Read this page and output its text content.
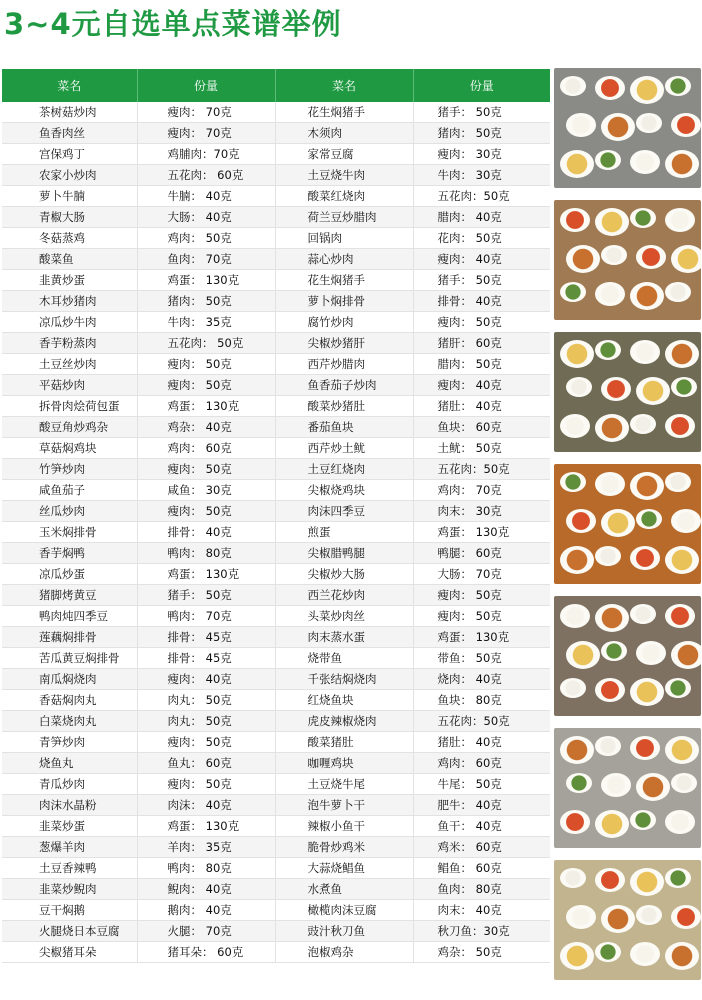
3~4元自选单点菜谱举例
菜名	份量	菜名	份量
茶树菇炒肉	瘦肉： 70克	花生焖猪手	猪手： 50克
鱼香肉丝	瘦肉： 70克	木须肉	猪肉： 50克
宫保鸡丁	鸡脯肉：70克	家常豆腐	瘦肉： 30克
农家小炒肉	五花肉： 60克	土豆烧牛肉	牛肉： 30克
萝卜牛腩	牛腩： 40克	酸菜红烧肉	五花肉：50克
青椒大肠	大肠： 40克	荷兰豆炒腊肉	腊肉： 40克
冬菇蒸鸡	鸡肉： 50克	回锅肉	花肉： 50克
酸菜鱼	鱼肉： 70克	蒜心炒肉	瘦肉： 40克
韭黄炒蛋	鸡蛋： 130克	花生焖猪手	猪手： 50克
木耳炒猪肉	猪肉： 50克	萝卜焖排骨	排骨： 40克
凉瓜炒牛肉	牛肉： 35克	腐竹炒肉	瘦肉： 50克
香芋粉蒸肉	五花肉： 50克	尖椒炒猪肝	猪肝： 60克
土豆丝炒肉	瘦肉： 50克	西芹炒腊肉	腊肉： 50克
平菇炒肉	瘦肉： 50克	鱼香茄子炒肉	瘦肉： 40克
拆骨肉烩荷包蛋	鸡蛋： 130克	酸菜炒猪肚	猪肚： 40克
酸豆角炒鸡杂	鸡杂： 40克	番茄鱼块	鱼块： 60克
草菇焖鸡块	鸡肉： 60克	西芹炒土鱿	土鱿： 50克
竹笋炒肉	瘦肉： 50克	土豆红烧肉	五花肉：50克
咸鱼茄子	咸鱼： 30克	尖椒烧鸡块	鸡肉： 70克
丝瓜炒肉	瘦肉： 50克	肉沫四季豆	肉末： 30克
玉米焖排骨	排骨： 40克	煎蛋	鸡蛋： 130克
香芋焖鸭	鸭肉： 80克	尖椒腊鸭腿	鸭腿： 60克
凉瓜炒蛋	鸡蛋： 130克	尖椒炒大肠	大肠： 70克
猪脚烤黄豆	猪手： 50克	西兰花炒肉	瘦肉： 50克
鸭肉炖四季豆	鸭肉： 70克	头菜炒肉丝	瘦肉： 50克
莲藕焖排骨	排骨： 45克	肉末蒸水蛋	鸡蛋： 130克
苦瓜黄豆焖排骨	排骨： 45克	烧带鱼	带鱼： 50克
南瓜焖烧肉	瘦肉： 40克	千张结焖烧肉	烧肉： 40克
香菇焖肉丸	肉丸： 50克	红烧鱼块	鱼块： 80克
白菜烧肉丸	肉丸： 50克	虎皮辣椒烧肉	五花肉：50克
青笋炒肉	瘦肉： 50克	酸菜猪肚	猪肚： 40克
烧鱼丸	鱼丸： 60克	咖喱鸡块	鸡肉： 60克
青瓜炒肉	瘦肉： 50克	土豆烧牛尾	牛尾： 50克
肉沫水晶粉	肉沫： 40克	泡牛萝卜干	肥牛： 40克
韭菜炒蛋	鸡蛋： 130克	辣椒小鱼干	鱼干： 40克
葱爆羊肉	羊肉： 35克	脆骨炒鸡米	鸡米： 60克
土豆香辣鸭	鸭肉： 80克	大蒜烧鲳鱼	鲳鱼： 60克
韭菜炒鲵肉	鲵肉： 40克	水煮鱼	鱼肉： 80克
豆干焖鹅	鹅肉： 40克	橄榄肉沫豆腐	肉末： 40克
火腿烧日本豆腐	火腿： 70克	豉汁秋刀鱼	秋刀鱼：30克
尖椒猪耳朵	猪耳朵： 60克	泡椒鸡杂	鸡杂： 50克
